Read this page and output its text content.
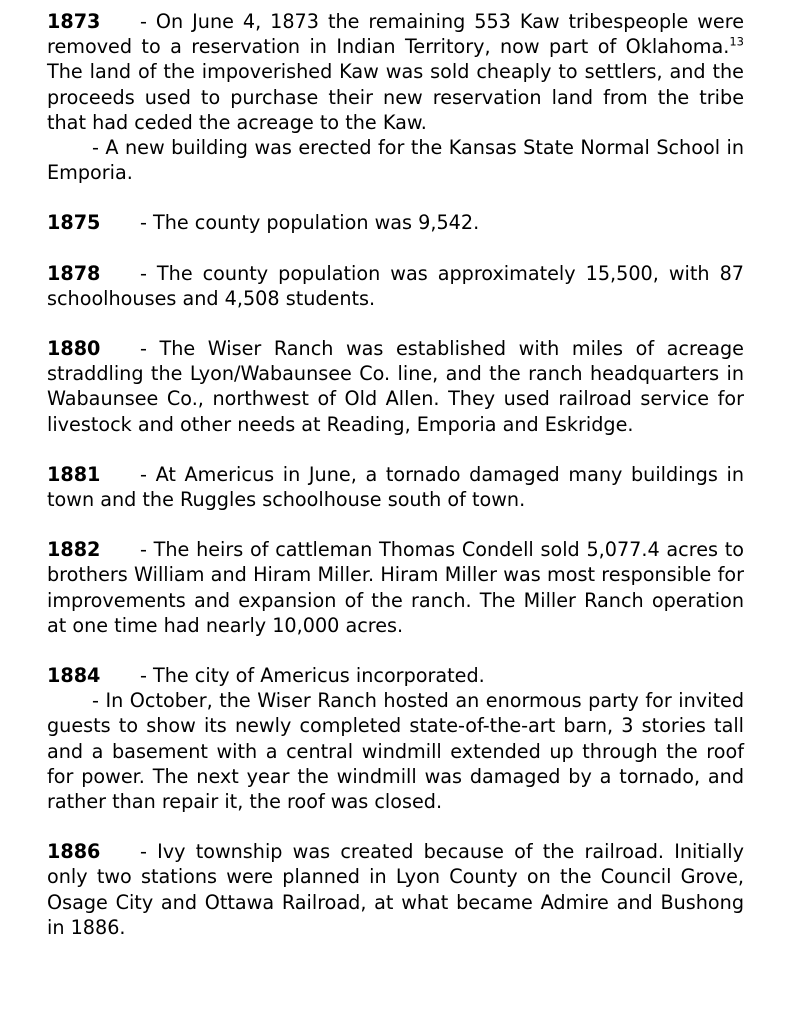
1873 - On June 4, 1873 the remaining 553 Kaw tribespeople were removed to a reservation in Indian Territory, now part of Oklahoma.$^{13}$  The land of the impoverished Kaw was sold cheaply to settlers, and the proceeds used to purchase their new reservation land from the tribe that had ceded the acreage to the Kaw.

- A new building was erected for the Kansas State Normal School in Emporia.

1875 - The county population was 9,542.

1878 - The county population was approximately 15,500, with 87 schoolhouses and 4,508 students.

1880 - The Wiser Ranch was established with miles of acreage straddling the Lyon/Wabaunsee Co. line, and the ranch headquarters in Wabaunsee Co., northwest of Old Allen. They used railroad service for livestock and other needs at Reading, Emporia and Eskridge.

1881 - At Americus in June, a tornado damaged many buildings in town and the Ruggles schoolhouse south of town.

1882 - The heirs of cattleman Thomas Condell sold 5,077.4 acres to brothers William and Hiram Miller. Hiram Miller was most responsible for improvements and expansion of the ranch. The Miller Ranch operation at one time had nearly 10,000 acres.

1884 - The city of Americus incorporated.

- In October, the Wiser Ranch hosted an enormous party for invited guests to show its newly completed state-of-the-art barn, 3 stories tall and a basement with a central windmill extended up through the roof for power. The next year the windmill was damaged by a tornado, and rather than repair it, the roof was closed.

1886 - Ivy township was created because of the railroad. Initially only two stations were planned in Lyon County on the Council Grove, Osage City and Ottawa Railroad, at what became Admire and Bushong in 1886.
